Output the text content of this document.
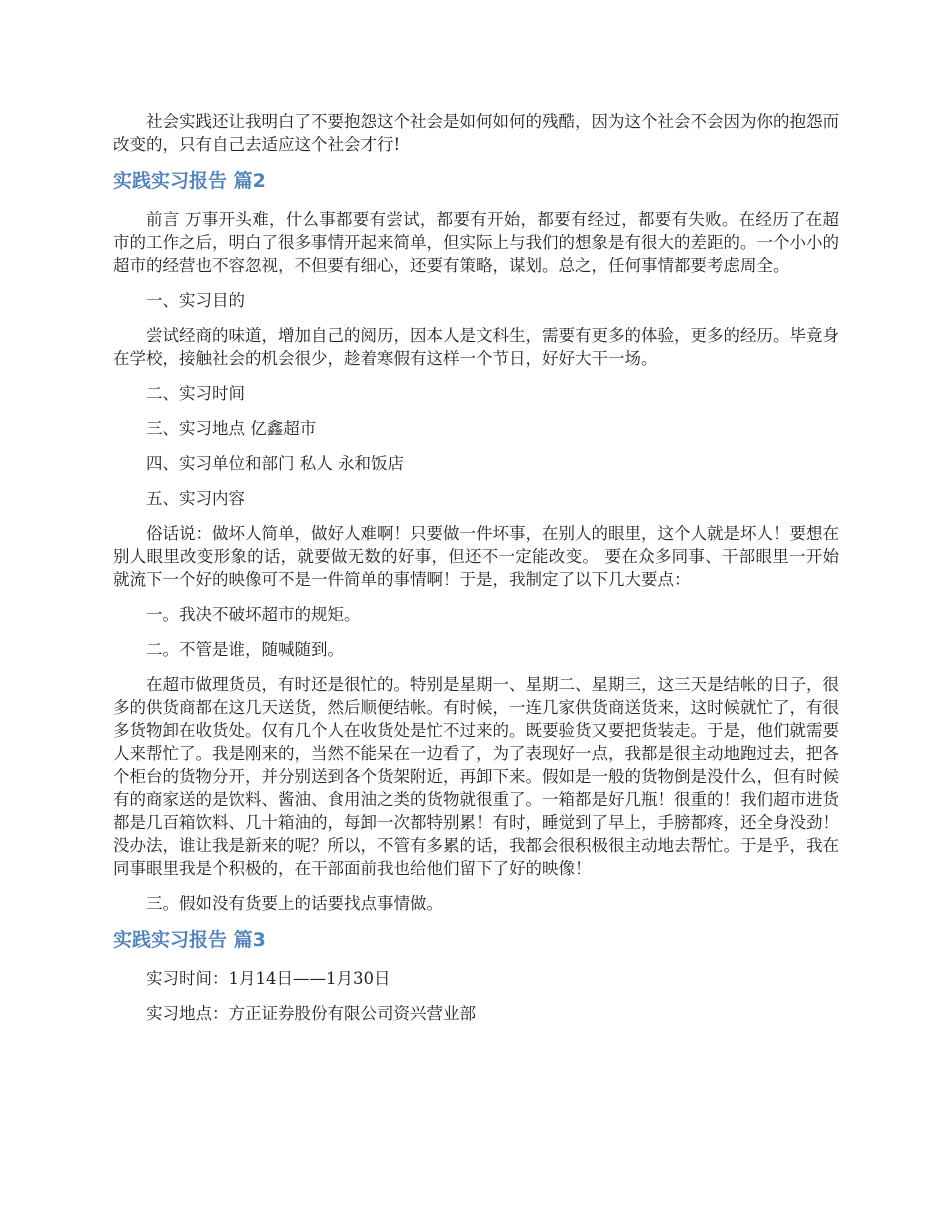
社会实践还让我明白了不要抱怨这个社会是如何如何的残酷，因为这个社会不会因为你的抱怨而改变的，只有自己去适应这个社会才行!

实践实习报告 篇2

前言 万事开头难，什么事都要有尝试，都要有开始，都要有经过，都要有失败。在经历了在超市的工作之后，明白了很多事情开起来简单，但实际上与我们的想象是有很大的差距的。一个小小的超市的经营也不容忽视，不但要有细心，还要有策略，谋划。总之，任何事情都要考虑周全。

一、实习目的

尝试经商的味道，增加自己的阅历，因本人是文科生，需要有更多的体验，更多的经历。毕竟身在学校，接触社会的机会很少，趁着寒假有这样一个节日，好好大干一场。

二、实习时间

三、实习地点 亿鑫超市

四、实习单位和部门 私人 永和饭店

五、实习内容

俗话说：做坏人简单，做好人难啊！只要做一件坏事，在别人的眼里，这个人就是坏人！要想在别人眼里改变形象的话，就要做无数的好事，但还不一定能改变。 要在众多同事、干部眼里一开始就流下一个好的映像可不是一件简单的事情啊！于是，我制定了以下几大要点：

一。我决不破坏超市的规矩。

二。不管是谁，随喊随到。

在超市做理货员，有时还是很忙的。特别是星期一、星期二、星期三，这三天是结帐的日子，很多的供货商都在这几天送货，然后顺便结帐。有时候，一连几家供货商送货来，这时候就忙了，有很多货物卸在收货处。仅有几个人在收货处是忙不过来的。既要验货又要把货装走。于是，他们就需要人来帮忙了。我是刚来的，当然不能呆在一边看了，为了表现好一点，我都是很主动地跑过去，把各个柜台的货物分开，并分别送到各个货架附近，再卸下来。假如是一般的货物倒是没什么，但有时候有的商家送的是饮料、酱油、食用油之类的货物就很重了。一箱都是好几瓶！很重的！我们超市进货都是几百箱饮料、几十箱油的，每卸一次都特别累！有时，睡觉到了早上，手膀都疼，还全身没劲！没办法，谁让我是新来的呢？所以，不管有多累的话，我都会很积极很主动地去帮忙。于是乎，我在同事眼里我是个积极的，在干部面前我也给他们留下了好的映像！

三。假如没有货要上的话要找点事情做。

实践实习报告 篇3

实习时间：1月14日——1月30日

实习地点：方正证券股份有限公司资兴营业部
